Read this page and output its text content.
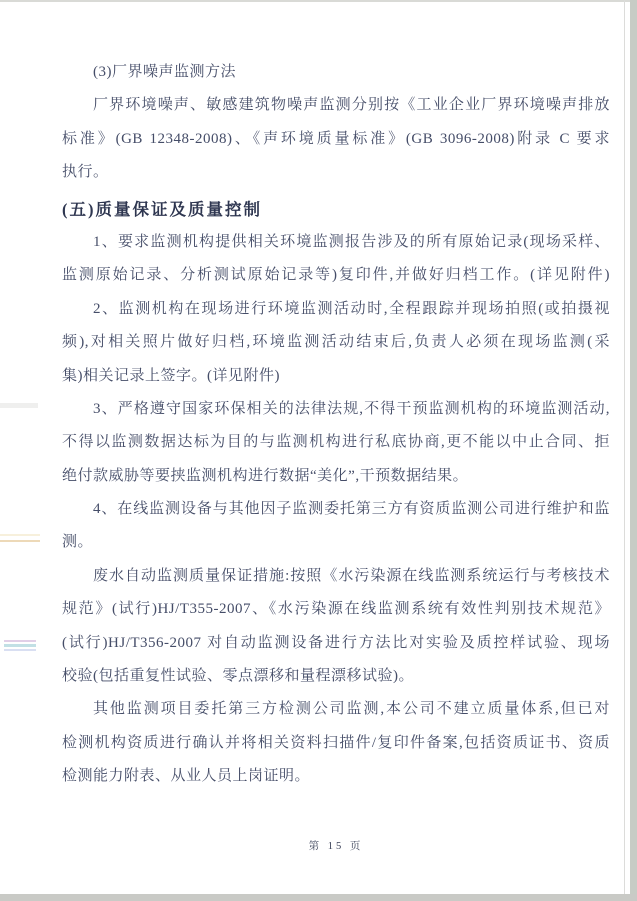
(3)厂界噪声监测方法
厂界环境噪声、敏感建筑物噪声监测分别按《工业企业厂界环境噪声排放
标准》(GB 12348-2008)、《声环境质量标准》(GB 3096-2008)附录 C 要求
执行。
(五)质量保证及质量控制
1、要求监测机构提供相关环境监测报告涉及的所有原始记录(现场采样、
监测原始记录、分析测试原始记录等)复印件,并做好归档工作。(详见附件)
2、监测机构在现场进行环境监测活动时,全程跟踪并现场拍照(或拍摄视
频),对相关照片做好归档,环境监测活动结束后,负责人必须在现场监测(采
集)相关记录上签字。(详见附件)
3、严格遵守国家环保相关的法律法规,不得干预监测机构的环境监测活动,
不得以监测数据达标为目的与监测机构进行私底协商,更不能以中止合同、拒
绝付款威胁等要挟监测机构进行数据“美化”,干预数据结果。
4、在线监测设备与其他因子监测委托第三方有资质监测公司进行维护和监
测。
废水自动监测质量保证措施:按照《水污染源在线监测系统运行与考核技术
规范》(试行)HJ/T355-2007、《水污染源在线监测系统有效性判别技术规范》
(试行)HJ/T356-2007 对自动监测设备进行方法比对实验及质控样试验、现场
校验(包括重复性试验、零点漂移和量程漂移试验)。
其他监测项目委托第三方检测公司监测,本公司不建立质量体系,但已对
检测机构资质进行确认并将相关资料扫描件/复印件备案,包括资质证书、资质
检测能力附表、从业人员上岗证明。
第 15 页
